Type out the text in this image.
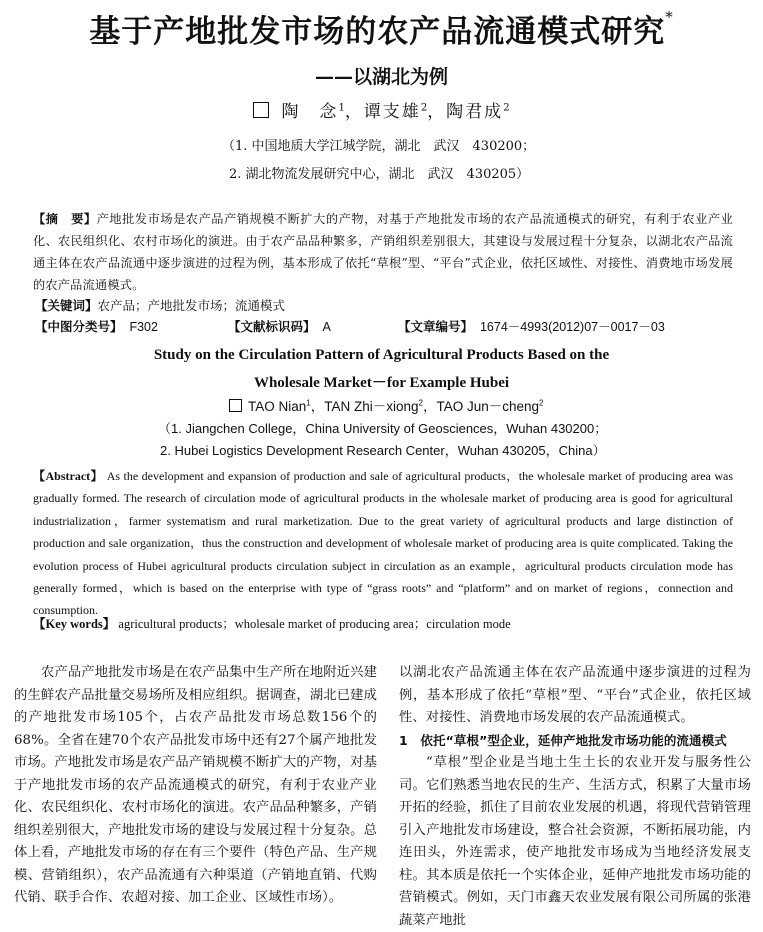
基于产地批发市场的农产品流通模式研究*
——以湖北为例
陶　念$^1$，谭支雄$^2$，陶君成$^2$
（1. 中国地质大学江城学院，湖北　武汉　430200；
2. 湖北物流发展研究中心，湖北　武汉　430205）
【摘　要】产地批发市场是农产品产销规模不断扩大的产物，对基于产地批发市场的农产品流通模式的研究，有利于农业产业化、农民组织化、农村市场化的演进。由于农产品品种繁多，产销组织差别很大，其建设与发展过程十分复杂，以湖北农产品流通主体在农产品流通中逐步演进的过程为例，基本形成了依托“草根”型、“平台”式企业，依托区域性、对接性、消费地市场发展的农产品流通模式。
【关键词】农产品；产地批发市场；流通模式
【中图分类号】 F302	【文献标识码】 A	【文章编号】 1674－4993(2012)07－0017－03
Study on the Circulation Pattern of Agricultural Products Based on the
Wholesale Market－for Example Hubei
TAO Nian$^1$，TAN Zhi－xiong$^2$，TAO Jun－cheng$^2$
（1. Jiangchen College，China University of Geosciences，Wuhan 430200；
2. Hubei Logistics Development Research Center，Wuhan 430205，China）
【Abstract】 As the development and expansion of production and sale of agricultural products，the wholesale market of producing area was gradually formed. The research of circulation mode of agricultural products in the wholesale market of producing area is good for agricultural industrialization，farmer systematism and rural marketization. Due to the great variety of agricultural products and large distinction of production and sale organization，thus the construction and development of wholesale market of producing area is quite complicated. Taking the evolution process of Hubei agricultural products circulation subject in circulation as an example，agricultural products circulation mode has generally formed，which is based on the enterprise with type of “grass roots” and “platform” and on market of regions，connection and consumption.
【Key words】 agricultural products；wholesale market of producing area；circulation mode
农产品产地批发市场是在农产品集中生产所在地附近兴建的生鲜农产品批量交易场所及相应组织。据调查，湖北已建成的产地批发市场105个，占农产品批发市场总数156个的68%。全省在建70个农产品批发市场中还有27个属产地批发市场。产地批发市场是农产品产销规模不断扩大的产物，对基于产地批发市场的农产品流通模式的研究，有利于农业产业化、农民组织化、农村市场化的演进。农产品品种繁多，产销组织差别很大，产地批发市场的建设与发展过程十分复杂。总体上看，产地批发市场的存在有三个要件（特色产品、生产规模、营销组织），农产品流通有六种渠道（产销地直销、代购代销、联手合作、农超对接、加工企业、区域性市场）。
以湖北农产品流通主体在农产品流通中逐步演进的过程为例，基本形成了依托“草根”型、“平台”式企业，依托区域性、对接性、消费地市场发展的农产品流通模式。
1　依托“草根”型企业，延伸产地批发市场功能的流通模式
“草根”型企业是当地土生土长的农业开发与服务性公司。它们熟悉当地农民的生产、生活方式，积累了大量市场开拓的经验，抓住了目前农业发展的机遇，将现代营销管理引入产地批发市场建设，整合社会资源，不断拓展功能，内连田头，外连需求，使产地批发市场成为当地经济发展支柱。其本质是依托一个实体企业，延伸产地批发市场功能的营销模式。例如，天门市鑫天农业发展有限公司所属的张港蔬菜产地批
